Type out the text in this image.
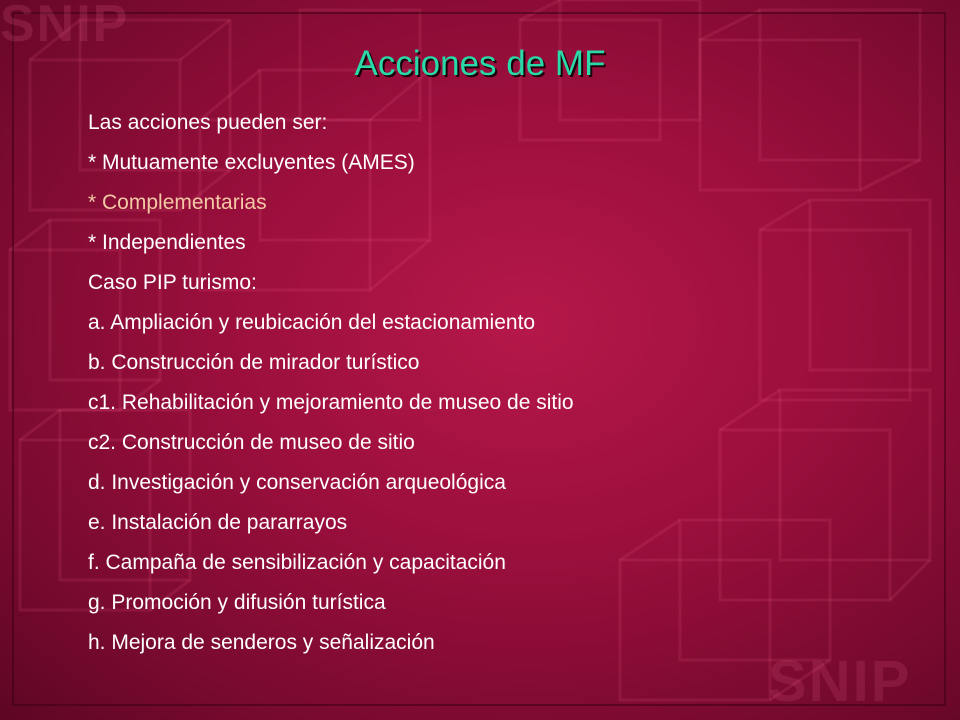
SNIP
SNIP
Acciones de MF
Las acciones pueden ser:
* Mutuamente excluyentes (AMES)
* Complementarias
* Independientes
Caso PIP turismo:
a. Ampliación y reubicación del estacionamiento
b. Construcción de mirador turístico
c1. Rehabilitación y mejoramiento de museo de sitio
c2. Construcción de museo de sitio
d. Investigación y conservación arqueológica
e. Instalación de pararrayos
f. Campaña de sensibilización y capacitación
g. Promoción y difusión turística
h. Mejora de senderos y señalización
